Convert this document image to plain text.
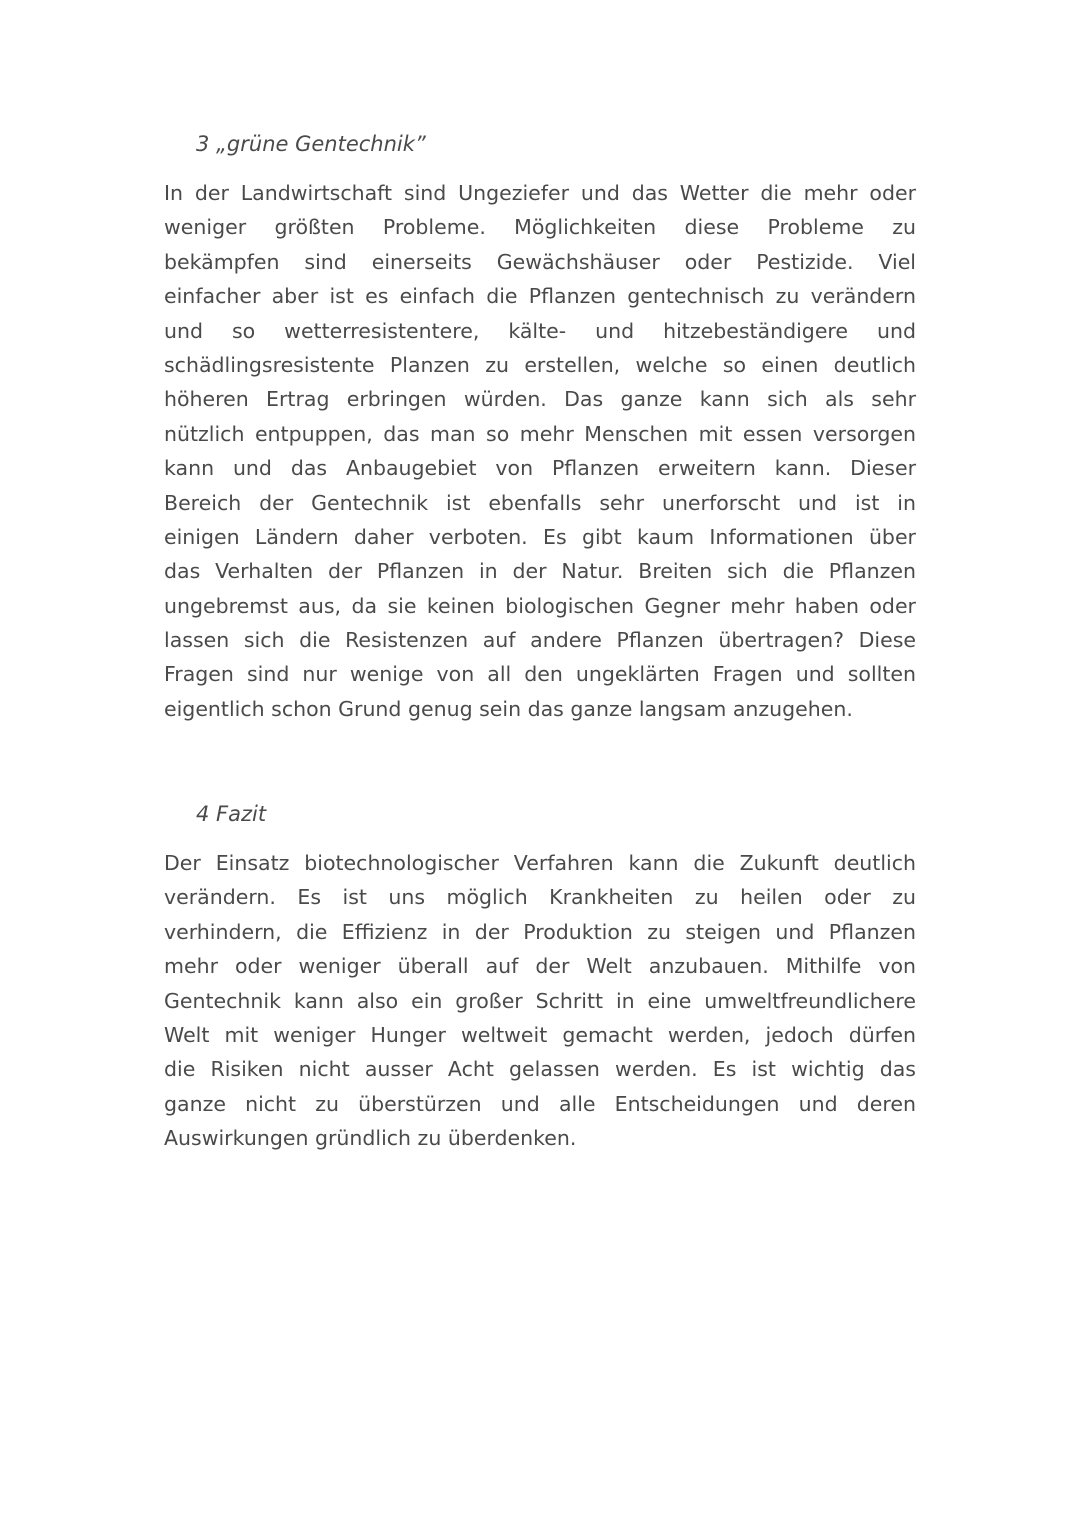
3 „grüne Gentechnik”
In der Landwirtschaft sind Ungeziefer und das Wetter die mehr oder
weniger größten Probleme. Möglichkeiten diese Probleme zu
bekämpfen sind einerseits Gewächshäuser oder Pestizide. Viel
einfacher aber ist es einfach die Pflanzen gentechnisch zu verändern
und so wetterresistentere, kälte- und hitzebeständigere und
schädlingsresistente Planzen zu erstellen, welche so einen deutlich
höheren Ertrag erbringen würden. Das ganze kann sich als sehr
nützlich entpuppen, das man so mehr Menschen mit essen versorgen
kann und das Anbaugebiet von Pflanzen erweitern kann. Dieser
Bereich der Gentechnik ist ebenfalls sehr unerforscht und ist in
einigen Ländern daher verboten. Es gibt kaum Informationen über
das Verhalten der Pflanzen in der Natur. Breiten sich die Pflanzen
ungebremst aus, da sie keinen biologischen Gegner mehr haben oder
lassen sich die Resistenzen auf andere Pflanzen übertragen? Diese
Fragen sind nur wenige von all den ungeklärten Fragen und sollten
eigentlich schon Grund genug sein das ganze langsam anzugehen.
4 Fazit
Der Einsatz biotechnologischer Verfahren kann die Zukunft deutlich
verändern. Es ist uns möglich Krankheiten zu heilen oder zu
verhindern, die Effizienz in der Produktion zu steigen und Pflanzen
mehr oder weniger überall auf der Welt anzubauen. Mithilfe von
Gentechnik kann also ein großer Schritt in eine umweltfreundlichere
Welt mit weniger Hunger weltweit gemacht werden, jedoch dürfen
die Risiken nicht ausser Acht gelassen werden. Es ist wichtig das
ganze nicht zu überstürzen und alle Entscheidungen und deren
Auswirkungen gründlich zu überdenken.
